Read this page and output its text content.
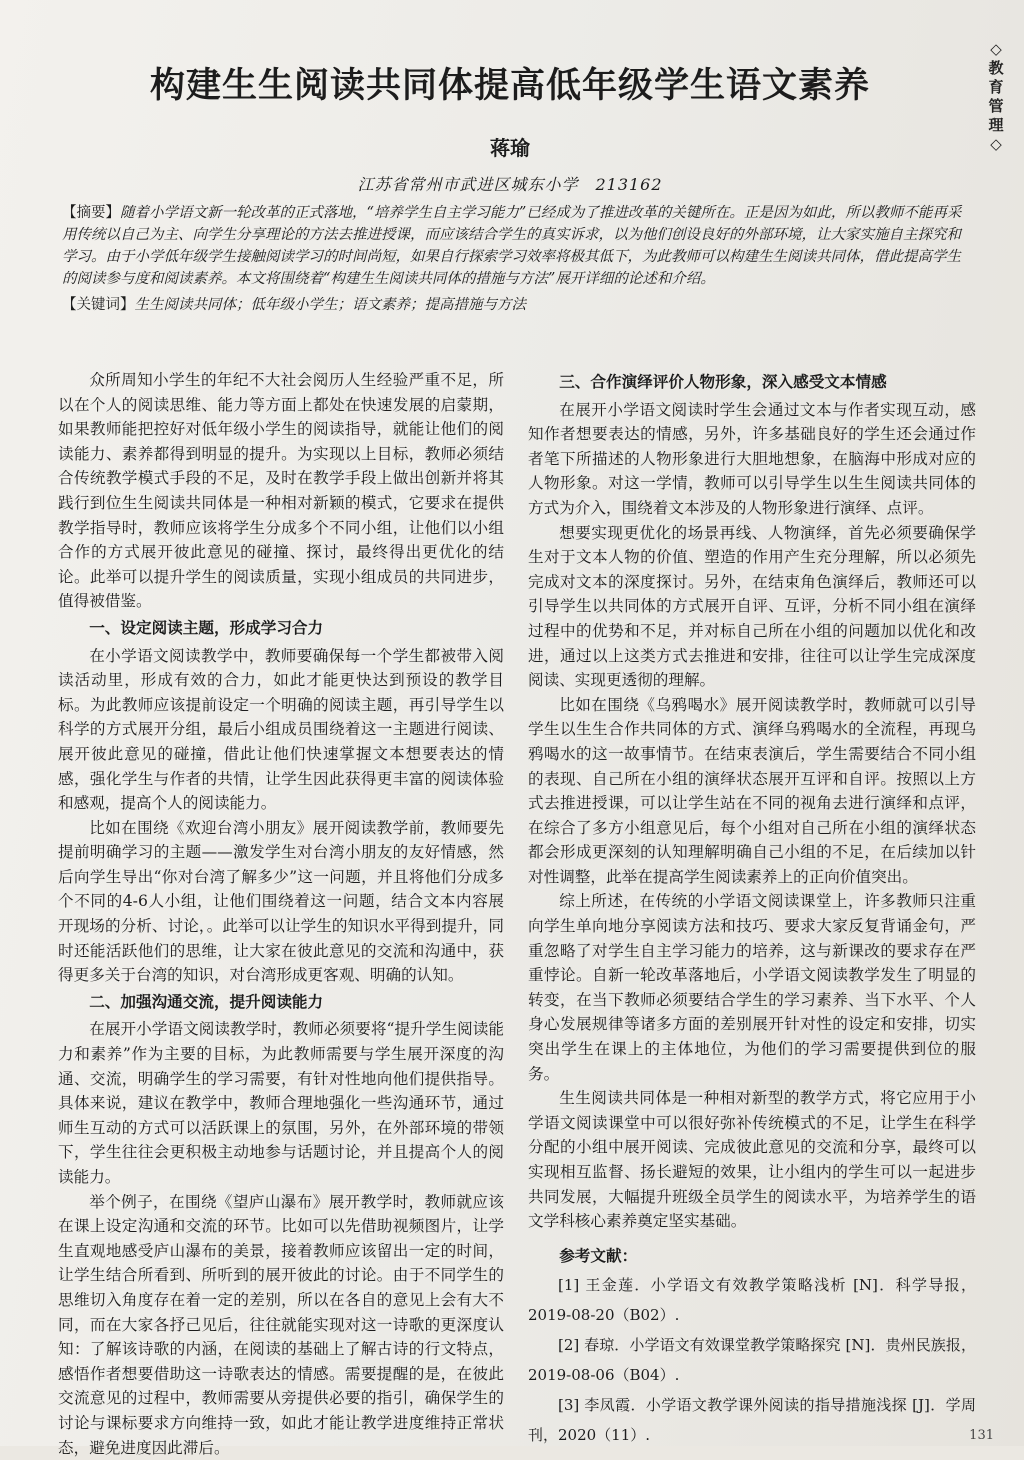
◇
教
育
管
理
◇
构建生生阅读共同体提高低年级学生语文素养
蒋瑜
江苏省常州市武进区城东小学　213162

【摘要】随着小学语文新一轮改革的正式落地，“培养学生自主学习能力”已经成为了推进改革的关键所在。正是因为如此，所以教师不能再采用传统以自己为主、向学生分享理论的方法去推进授课，而应该结合学生的真实诉求，以为他们创设良好的外部环境，让大家实施自主探究和学习。由于小学低年级学生接触阅读学习的时间尚短，如果自行探索学习效率将极其低下，为此教师可以构建生生阅读共同体，借此提高学生的阅读参与度和阅读素养。本文将围绕着“构建生生阅读共同体的措施与方法”展开详细的论述和介绍。

【关键词】生生阅读共同体；低年级小学生；语文素养；提高措施与方法

众所周知小学生的年纪不大社会阅历人生经验严重不足，所以在个人的阅读思维、能力等方面上都处在快速发展的启蒙期，如果教师能把控好对低年级小学生的阅读指导，就能让他们的阅读能力、素养都得到明显的提升。为实现以上目标，教师必须结合传统教学模式手段的不足，及时在教学手段上做出创新并将其践行到位生生阅读共同体是一种相对新颖的模式，它要求在提供教学指导时，教师应该将学生分成多个不同小组，让他们以小组合作的方式展开彼此意见的碰撞、探讨，最终得出更优化的结论。此举可以提升学生的阅读质量，实现小组成员的共同进步，值得被借鉴。

一、设定阅读主题，形成学习合力

在小学语文阅读教学中，教师要确保每一个学生都被带入阅读活动里，形成有效的合力，如此才能更快达到预设的教学目标。为此教师应该提前设定一个明确的阅读主题，再引导学生以科学的方式展开分组，最后小组成员围绕着这一主题进行阅读、展开彼此意见的碰撞，借此让他们快速掌握文本想要表达的情感，强化学生与作者的共情，让学生因此获得更丰富的阅读体验和感观，提高个人的阅读能力。

比如在围绕《欢迎台湾小朋友》展开阅读教学前，教师要先提前明确学习的主题——激发学生对台湾小朋友的友好情感，然后向学生导出“你对台湾了解多少”这一问题，并且将他们分成多个不同的4-6人小组，让他们围绕着这一问题，结合文本内容展开现场的分析、讨论，。此举可以让学生的知识水平得到提升，同时还能活跃他们的思维，让大家在彼此意见的交流和沟通中，获得更多关于台湾的知识，对台湾形成更客观、明确的认知。

二、加强沟通交流，提升阅读能力

在展开小学语文阅读教学时，教师必须要将“提升学生阅读能力和素养”作为主要的目标，为此教师需要与学生展开深度的沟通、交流，明确学生的学习需要，有针对性地向他们提供指导。具体来说，建议在教学中，教师合理地强化一些沟通环节，通过师生互动的方式可以活跃课上的氛围，另外，在外部环境的带领下，学生往往会更积极主动地参与话题讨论，并且提高个人的阅读能力。

举个例子，在围绕《望庐山瀑布》展开教学时，教师就应该在课上设定沟通和交流的环节。比如可以先借助视频图片，让学生直观地感受庐山瀑布的美景，接着教师应该留出一定的时间，让学生结合所看到、所听到的展开彼此的讨论。由于不同学生的思维切入角度存在着一定的差别，所以在各自的意见上会有大不同，而在大家各抒己见后，往往就能实现对这一诗歌的更深度认知：了解该诗歌的内涵，在阅读的基础上了解古诗的行文特点，感悟作者想要借助这一诗歌表达的情感。需要提醒的是，在彼此交流意见的过程中，教师需要从旁提供必要的指引，确保学生的讨论与课标要求方向维持一致，如此才能让教学进度维持正常状态，避免进度因此滞后。

三、合作演绎评价人物形象，深入感受文本情感

在展开小学语文阅读时学生会通过文本与作者实现互动，感知作者想要表达的情感，另外，许多基础良好的学生还会通过作者笔下所描述的人物形象进行大胆地想象，在脑海中形成对应的人物形象。对这一学情，教师可以引导学生以生生阅读共同体的方式为介入，围绕着文本涉及的人物形象进行演绎、点评。

想要实现更优化的场景再线、人物演绎，首先必须要确保学生对于文本人物的价值、塑造的作用产生充分理解，所以必须先完成对文本的深度探讨。另外，在结束角色演绎后，教师还可以引导学生以共同体的方式展开自评、互评，分析不同小组在演绎过程中的优势和不足，并对标自己所在小组的问题加以优化和改进，通过以上这类方式去推进和安排，往往可以让学生完成深度阅读、实现更透彻的理解。

比如在围绕《乌鸦喝水》展开阅读教学时，教师就可以引导学生以生生合作共同体的方式、演绎乌鸦喝水的全流程，再现乌鸦喝水的这一故事情节。在结束表演后，学生需要结合不同小组的表现、自己所在小组的演绎状态展开互评和自评。按照以上方式去推进授课，可以让学生站在不同的视角去进行演绎和点评，在综合了多方小组意见后，每个小组对自己所在小组的演绎状态都会形成更深刻的认知理解明确自己小组的不足，在后续加以针对性调整，此举在提高学生阅读素养上的正向价值突出。

综上所述，在传统的小学语文阅读课堂上，许多教师只注重向学生单向地分享阅读方法和技巧、要求大家反复背诵金句，严重忽略了对学生自主学习能力的培养，这与新课改的要求存在严重悖论。自新一轮改革落地后，小学语文阅读教学发生了明显的转变，在当下教师必须要结合学生的学习素养、当下水平、个人身心发展规律等诸多方面的差别展开针对性的设定和安排，切实突出学生在课上的主体地位，为他们的学习需要提供到位的服务。

生生阅读共同体是一种相对新型的教学方式，将它应用于小学语文阅读课堂中可以很好弥补传统模式的不足，让学生在科学分配的小组中展开阅读、完成彼此意见的交流和分享，最终可以实现相互监督、扬长避短的效果，让小组内的学生可以一起进步共同发展，大幅提升班级全员学生的阅读水平，为培养学生的语文学科核心素养奠定坚实基础。

参考文献：

[1] 王金莲．小学语文有效教学策略浅析 [N]．科学导报，2019-08-20（B02）.

[2] 春琼．小学语文有效课堂教学策略探究 [N]．贵州民族报，2019-08-06（B04）.

[3] 李凤霞．小学语文教学课外阅读的指导措施浅探 [J]．学周刊，2020（11）.	131
